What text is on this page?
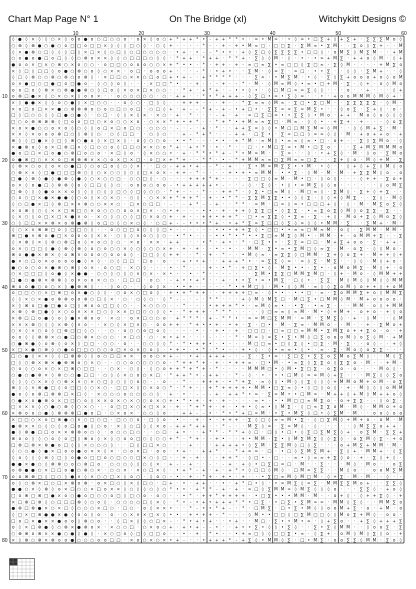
Chart Map Page N° 1	On The Bridge (xl)	Witchykitt Designs ©
10	20	30	40	50	60
10
20
30
40
50
60
70
80
◊ ● ◊ × ◊ ◊ ○ × ◊ o o ● o ○ □ ○ ○ o · o × ◊ o ○ + * + + * • - + + * * • · ≈ • M ≈ · • ◊ ≈ • □ ∑ + ◊ + ∑ + · ∑ ∑ ∑ M o ◊
○ ⊗ ◊ ⊗ ● ○ ● ○ o □ □ o □ □ × ◊ ◊ ◊ □ ○ ◊ · ○ ◊ + · · · · * - · + - + • M ≈ □ · □ □ ∑ · ∑ M ≈ • ∑ M · · ∑ o ◊ ∑ + · · M
◊ × ● ⊗ ○ □ ◊ ◊ ◊ □ ◊ × □ × ◊ ○ □ ◊ ○ □ ○ ○ ○ ○ · • + · • - - * • • · + ◊ ∑ □ ◊ ∑ ∑ ∑ ∑ • □ □ ◊ · o M ∑ ◊ M ∑ M · · + M
○ o ● o ● □ o □ ◊ ◊ ○ ⊗ o × × ◊ ◊ ○ □ □ □ ○ ◊ ◊ · * + + · * + + · * * + · ∑ ◊ ◊ M · ◊ · • · • ≈ + M ∑ · + + o ◊ M · ◊ +
● o o × □ × ○ ⊗ ○ × o ○ ○ · o □ □ ○ o o o ○ ○ × + * • • · * · + + · + - ≈ □ ≈ ∑ • ≈ □ □ ◊ ∑ □ ≈ · ∑ ◊ M · · · · + M ∑ o
× ◊ □ ◊ □ □ ◊ o ● ○ ⊗ ○ o ◊ ○ × × · o □ · o o o + · · · - * · • + • · · ∑ M · ◊ ≈ ∑ · ≈ □ · • • ∑ · · ◊ ◊ · ∑ M + · · ◊
◊ □ ◊ ⊗ ○ ○ ⊗ ○ ⊗ ○ o ⊗ ◊ · × □ □ ○ × × ○ □ o □ + • + - · + * * * * · · · ∑ ≈ · • M ∑ M · • ◊ · ∑ ◊ ∑ + o o o + o ◊ o M
o × ● □ ○ □ ● □ o □ ● o · ◊ ○ ◊ o ◊ · · · × □ □ * • · - + · · - + · - * · M · ◊ M ≈ M ◊ • ≈ • □ + M · ∑ · ◊ + · o ◊ M o
o o □ o ◊ ⊗ × ○ ⊗ ● ● ⊗ ○ ◊ □ o ◊ × o × □ × ○ ○ · · * + · + * + · - • • ◊ • · ◊ □ M □ ≈ ≈ ∑ ◊ ◊ · · · o · · + · · · ◊ +
o ⊗ □ ● × ◊ ○ × ○ × ◊ o o × · · o ○ ○ ○ ○ ○ · ○ · + + · · * • * + + + - ◊ ∑ □ • ≈ • ∑ ◊ ≈ · · • · + o o M M M ◊ M ◊ + ·
× ◊ ● ● × ◊ ◊ o ○ ● ◊ × □ ○ ○ · · o ◊ ○ · □ ◊ ◊ · · + + + - - · + · · * ∑ ≈ ≈ ◊ M ≈ · ∑ □ • ∑ □ M · · ∑ ∑ ∑ ∑ ∑ · ◊ M ·
× o □ o □ × × ● ○ ⊗ ⊗ ⊗ o ○ o ○ □ ○ o □ · ○ □ ◊ + · + - - * + - + - • + □ • · ∑ ∑ ≈ ≈ ∑ ≈ M ∑ • · · ◊ o ∑ · ∑ + ◊ · o ·
□ ◊ □ ○ ○ ◊ ◊ □ ● ○ ● ◊ · ○ □ · ◊ ◊ × ◊ × · × ○ · + · * · · · - + · + · ≈ □ ∑ □ ≈ • • ∑ ∑ ◊ • M o · + + · M o ◊ o ◊ ◊ ◊
□ ○ o ⊗ ⊗ ⊗ ⊗ ◊ □ o o □ □ ○ × o ○ ○ × o · ○ × × * + • + * · - * + * • + M ≈ ≈ ∑ □ · M ≈ · ◊ ◊ • · + ∑ + · + · · · ◊ o ∑
× o × ● ○ ○ o × o ◊ ○ ◊ ◊ o □ × □ o □ ○ · ○ ○ ○ · - · - · + · * · · + + ∑ ≈ ◊ ◊ • M □ □ M ∑ M ≈ ◊ M · · ◊ ◊ M + ∑ · M ·
× × ◊ × o o o ⊗ □ ○ ◊ ⊗ ◊ ○ · ○ ◊ □ □ · · ○ ◊ ○ · · + - * + * · · - + + · □ ∑ • · ∑ ≈ □ □ ◊ ≈ ≈ ◊ ◊ · M · + o + + o · +
⊗ ◊ ◊ □ ● × ◊ □ ◊ ⊗ ○ ● o ◊ × □ × ◊ · o ◊ ○ ○ o · • • * · - · • • · + * M · ≈ M ◊ • ≈ ≈ ◊ ≈ • □ · o + · · ∑ ◊ ∑ M o · ◊
× ● ⊗ o ◊ o × □ ⊗ □ × ◊ □ ○ ○ o ◊ □ □ ○ × × ○ o * + · + • * · • · * · · □ · • M □ ∑ ≈ • M • □ ∑ o · · · ∑ + M ∑ M M M o
● o □ □ × □ o ● ○ ⊗ □ o ○ o · × □ ◊ o · ◊ × ○ ○ • · + · * * • * + - * • M ≈ M · · ∑ ≈ · · ◊ · • + ∑ ◊ · M · ◊ o · ∑ M o
o ● ⊗ □ ○ × × o □ ⊗ ⊗ ⊗ × × ○ o × □ × □ · o □ × + * + · - * * · • · * + M M ≈ ≈ □ ∑ M ≈ ≈ □ ∑ · · ∑ + ◊ o · M ◊ + M · ∑
◊ ⊗ × ○ o ◊ o × ○ ● □ ◊ ○ o □ o ◊ ○ ◊ × · · □ ○ - + + • + - - * - + · · ∑ • M ≈ M ∑ ∑ • • M · • ◊ · · ◊ + ◊ + ∑ ◊ M ◊ o
○ ⊗ × × ◊ □ ● □ □ □ ⊗ ○ ◊ ○ × ○ ○ ◊ ○ ◊ □ × o × - + + - * - · · - + • + • ≈ M M · • • ∑ · ◊ M · M · M · + ∑ ∑ M ◊ o · o
□ ● ◊ ⊗ ◊ ● ◊ ● ⊗ ◊ ● ◊ ○ × ○ ○ □ · ○ ○ □ ◊ · ○ · - · + + + * + - · - · ∑ □ □ ◊ ≈ M · M • □ · ◊ o ◊ · · · ◊ + + · ∑ o +
o × ◊ o ● □ ◊ ⊗ ⊗ ◊ o ◊ □ □ ◊ ◊ ○ · o o o ○ o o - • + + + + + • - · · - ◊ · ∑ ◊ · • ◊ • ≈ M ∑ ◊ ◊ o · · · · · · ◊ o M ∑
□ ⊗ ◊ ◊ ◊ ● o × × o ◊ ◊ ◊ ○ ◊ ◊ □ ○ ◊ □ ◊ ○ ○ · * + - - · * · · + + * · ◊ ∑ • □ ≈ M ◊ · M □ ≈ ◊ · ∑ M ◊ · ∑ + ◊ + ∑ · ·
○ o ○ □ × ● × ● ● ◊ ○ o ◊ × ○ × ○ · ○ ◊ · ○ × × + * + + * - + - • * * - ∑ ∑ M ∑ ∑ • • ◊ ◊ ∑ · ◊ ◊ + ◊ M ∑ · · ∑ ◊ · M ◊
◊ ○ □ ● × □ ◊ ⊗ □ × × ⊗ ○ ○ × × ○ · □ × ○ □ □ · - · - + * - - + · · * * · ≈ M · □ ≈ ◊ ≈ • □ □ □ + ◊ · ◊ · M · M ∑ o ∑ ◊
× o ⊗ ◊ ○ ◊ × × □ ⊗ □ ○ × o ○ ○ ○ o o × □ × · ○ • + - · - • • - + · + + ◊ ∑ ∑ □ • ◊ ∑ ∑ · • ≈ ∑ o ∑ ◊ M ◊ o ∑ ∑ · ∑ · ·
◊ × ○ ◊ o □ × □ × ● × o · × ○ ◊ ○ ○ ◊ □ ○ × o ○ + · + - · + + • + + * · □ • ≈ ∑ ∑ ◊ • ∑ ≈ · ∑ · + ◊ · M o + ∑ ◊ M o ∑ ◊
○ ◊ □ □ × × ⊗ × o ⊗ ● ⊗ ◊ o □ ○ ◊ ○ × ○ ◊ · ○ □ + - - • • • * + · • + * ∑ ≈ ∑ □ □ ◊ ∑ ◊ ≈ ◊ ◊ • M M · ∑ · · ∑ M + · M ·
◊ ○ × × ⊗ ⊗ □ o ◊ □ □ ○ ◊ · · o ○ □ □ o ○ ◊ ◊ □ • - - · · - - • • • + + ∑ ◊ • □ □ • • ≈ ≈ □ M ≈ M · o ◊ · ∑ M M · M M ·
⊗ □ ● × ⊗ o ● □ × o o o ◊ × × · ○ ◊ ◊ × o ○ ◊ ○ · • * • · · - • • * • * • • ∑ □ ≈ M ∑ ◊ M • · M M · + · o M M + ∑ · · ∑
◊ × ⊗ ◊ × ◊ ⊗ ○ ⊗ □ o ◊ × o ○ ◊ ○ · × o · × × · + + · · · • * · + • · * · □ ∑ • • · ∑ ∑ ≈ □ □ · M + ∑ + o o · ∑ · + + ·
o × ○ □ □ ◊ ● ◊ ⊗ ◊ ⊗ ◊ o ○ o ○ ○ × ◊ ○ ◊ ○ ○ × + · + · + · · • - • · · M M · ∑ • ≈ • ∑ M □ ◊ ≈ ∑ · M · o ∑ · ◊ ◊ M o ·
⊗ o ● ● × ⊗ × ◊ o ⊗ × o o o ○ o o o ◊ · □ □ ◊ ◊ + + · · * - + · * - · • M ◊ ≈ · ≈ ∑ ∑ ◊ □ M M · ∑ + ◊ o ∑ + · M + + ◊ +
● × ○ □ o × o o o o ● ◊ × ◊ · ○ ◊ □ □ · □ o · o · · + • • + · · + + + * • · ≈ ∑ ∑ ◊ ≈ · ≈ ◊ ∑ · M ∑ · · ◊ ◊ · M ◊ + o ·
● ○ o ○ o × ● ⊗ ○ ⊗ ◊ o × · o ○ □ · × ○ ◊ · · · • · * · · · + - • * · + □ ∑ • ◊ · M ∑ • • · ∑ • · o M o M ∑ · M ◊ + · o
○ × □ □ □ ◊ o ● ◊ × ● ● · ○ ○ ◊ ○ ◊ ○ × ○ × · × • - · • · * - - - - - · · ∑ M • ∑ ∑ □ M M ∑ M □ · ◊ + · M o · ◊ M M + +
□ ● ○ ● ⊗ × ⊗ ⊗ ◊ o × o o × ○ ○ · □ □ □ · o ○ · - + • • + * · · + · • • ∑ • ≈ • M ∑ · □ ◊ • · ∑ ∑ · M ◊ M ◊ ◊ M ◊ ◊ M M
⊗ o o ● ○ o ○ × ◊ ● ⊗ ⊗ ◊ · · ◊ o ○ · · ◊ o ◊ × · • • + - - · - - * • + M □ ◊ · M • ◊ ◊ M · ≈ ◊ ◊ ∑ o M ◊ o + + ◊ + o M
o □ □ ○ ○ × □ ⊗ □ o × ● ○ ◊ ◊ · ○ o × ○ □ o ◊ · + • + * + + · · + + + + □ ≈ · ◊ • • · • • □ · ≈ · ∑ o M M ∑ + o ◊ M M ∑
◊ ◊ × ○ × ● o ⊗ ⊗ o o ⊗ ○ □ ◊ × · ○ · ○ ◊ ○ · ◊ * - - · - · * * · · · + ◊ M ◊ M ∑ □ · M □ ∑ • □ M M ◊ M · M + o o o o ·
× ◊ ⊗ o □ ● □ ● o □ ◊ ⊗ o o □ □ ◊ ○ · · × ○ ○ ○ · · * · - · • + + + * • · ≈ M ◊ ≈ • · • ∑ · • ≈ ∑ · · · M M · o ◊ + M M
× ⊗ ◊ ⊗ □ ● ◊ × ○ o × × × □ ○ ◊ × × □ □ ○ ○ ◊ ◊ • · * + + + · * * * · · · · ◊ □ ≈ ≈ ◊ ≈ M · M • ◊ + M + · o + o · + ◊ o
× ⊗ □ □ o ● ◊ o ◊ ● × ⊗ o o · × ○ · o × □ ○ ○ o · + * * * · + - * * • · ≈ ≈ M □ ∑ M M · ≈ M · ∑ M ∑ ◊ · + · ◊ M · · ◊ M
× × × ⊗ ○ ◊ ◊ × ⊗ ◊ × o · · × ○ ◊ × □ × ○ · o o + + · * + • • + · • + · ∑ · □ • · M · ∑ ≈ · M M o · · M · · + · ∑ M o +
○ × ◊ × ○ o ◊ □ ⊗ □ □ ◊ ○ · · ○ · o ○ ○ o □ o ◊ · · - · • · · + • · + · □ □ □ · □ ≈ □ □ ≈ M M • ∑ M ∑ o + + ∑ o · o · +
o o ◊ ◊ ⊗ ⊗ × ○ ● □ ○ ⊗ × ○ ○ ○ · × □ ○ · ○ · × • + • · · · - · · · * · M ≈ ◊ ≈ ∑ • ∑ • M ◊ □ ∑ o o o M ◊ o ∑ ◊ M · + M
○ ● ⊗ ● ◊ o ⊗ ◊ o × ◊ □ □ · ○ ○ · o · · ○ ○ ◊ ◊ * - * • + + • · • - · · M □ □ ≈ • □ ◊ ∑ ◊ • □ ∑ · M · ∑ · · o ◊ · · + ◊
× □ × ● ○ ⊗ ◊ ○ ● o □ □ ○ ○ ○ o □ × o × ○ o ◊ · • + • · • * · * • - · + • ◊ · ◊ • ≈ ≈ • ◊ • · ≈ · ∑ · M o ◊ o ∑ ∑ · · ·
□ ○ ● ◊ × × ◊ ◊ □ ⊗ ⊗ ◊ ◊ o ○ □ □ × × · o o ○ × + - · • + - + + + - · - ∑ · ∑ • ≈ · ∑ □ ∑ • ∑ ∑ o ∑ M o ∑ M ◊ · · M ◊ ∑
□ ◊ ○ ⊗ × ⊗ × ● ⊗ ⊗ o ○ × ○ · · ○ ○ o ○ ○ ○ ○ o - * + + * + · + · • + + ≈ · □ • M · • ≈ ∑ ◊ ∑ ∑ o ◊ ∑ ∑ o · M · · + M ·
○ o ◊ ○ o × ○ × □ ⊗ ○ □ □ · · ○ × · ○ ◊ · ◊ ○ o + + * + * + - * · · · - M M M □ • ◊ M • ∑ □ ∑ · o ∑ o · o · · · M o ◊ ·
○ ● ○ ● ⊗ × ◊ ⊗ ○ ○ ● □ □ · ○ ◊ ◊ × ○ o ○ × □ · * + + * • - + + · · * - ◊ · • · • • □ M ◊ ≈ ≈ M ◊ + ∑ · · · M ∑ ◊ ◊ ∑ o
◊ ◊ ◊ ○ × × ◊ ○ ⊗ × × ○ × ○ □ ◊ ○ ◊ ○ o ○ · · o · · * · · + + + - • * + ∑ · ≈ ◊ ◊ • M ◊ ◊ ∑ ◊ ◊ ◊ + M M o M + o M · o ∑
⊗ ◊ ◊ × ⊗ ● □ ◊ o □ □ ◊ ○ × ○ · □ □ × ◊ ○ × o ○ * - * + - · + * + + + + • M M • □ ∑ ≈ ◊ • ◊ □ ◊ o ◊ · + · M ◊ ◊ ◊ o M M
● o ◊ o ⊗ □ ⊗ ⊗ □ × □ ◊ · × ○ ○ ○ o ○ ○ ○ ○ ◊ · + · • · - - - + · + + * • ≈ · ∑ ≈ M • • □ M ≈ · M + + ◊ + M ◊ M + + o ◊
○ ● × o ● ⊗ o × □ □ ○ o ◊ × × o × ○ × ○ ○ o × ○ + • * • + · + · + - - · · ≈ • · • • M □ □ ≈ M ∑ o · o + ∑ ∑ · · ◊ o ∑ ·
□ × × × ◊ ○ ● ○ ⊗ ◊ ○ × ○ · · o □ □ × ○ × □ × × · + · * + * + · + · • + • ◊ ≈ • ◊ M ∑ · ◊ □ ≈ ∑ ∑ o M · M ◊ · M M o + o
× ⊗ o o ○ ● ◊ ⊗ ⊗ ⊗ □ ● o □ · ○ × o × · ○ ○ ◊ o · · + + - - • · * • * + □ ≈ M · • ∑ • M ∑ ◊ □ • ◊ ∑ M · M · · o o ◊ o o
× □ □ ○ × o □ ⊗ ● ○ × ○ □ ○ □ · □ ○ ○ o · □ ◊ o · • - · + · • - + + + · ∑ ◊ □ ◊ ≈ ≈ M • ∑ · ◊ □ ∑ M ◊ + M + o · o M · M
● ⊗ × × ○ ◊ ○ ◊ o □ o ● ◊ ○ o · × ◊ ○ □ ◊ ◊ × o - + + * + + · · * - · · M ∑ ◊ ≈ · ∑ ≈ M ◊ · ◊ · · · · · ◊ M ∑ ∑ o + + ·
● ◊ ⊗ ● □ □ o × × ⊗ ⊗ o ○ ◊ · o ○ ○ □ ○ · · ○ □ · + • · · + * * - * * + ◊ □ · □ ◊ • □ • ◊ ∑ □ ∑ M ∑ ◊ + · o ∑ M · ∑ ∑ +
⊗ o o ◊ ◊ ○ o ◊ o □ ◊ ⊗ o ◊ × ◊ ○ o o □ ○ ◊ ○ ○ + * · * + - · + • · · + • M M · ∑ • ◊ M ∑ M ∑ ◊ ◊ ∑ ◊ · o ∑ M ◊ ∑ · + o
□ ⊗ □ ⊗ × ⊗ ● o □ ◊ ◊ × ○ ○ ○ ◊ · · □ ◊ □ □ × ○ · · · + · · · + + + + • ◊ ∑ M · ∑ ∑ M ◊ □ ◊ ∑ · · · o + M ∑ + M M · M ·
◊ ○ ○ ● ◊ ● × □ o o ● o × × ◊ × · ○ o × □ · o o · • + · · + + * · - * + ≈ ≈ · □ · • □ ◊ ∑ M ∑ M + · ∑ ◊ + · M M + · ◊ ∑
◊ o ◊ ◊ ◊ ⊗ ◊ □ ◊ o ● o □ □ o ○ □ ○ ○ □ × ○ ◊ □ - · + - + · · · + + * · ◊ □ • · □ · · ≈ • ◊ ≈ ≈ + ∑ ◊ o · + · ∑ ◊ + ◊ ·
● ● × ● ○ ◊ ⊗ ⊗ ○ o ○ ⊗ □ o · ○ ○ ○ ◊ ◊ ○ ◊ × · + - - + · · - · - + · + ◊ • □ ∑ □ ≈ □ · M · · ∑ · · · M ◊ · M o · · o ∑
o ⊗ ● ● ○ × □ □ o ● ○ ⊗ ○ × · ○ ○ × · × ○ □ × ◊ · • + * - + · + · + * • ◊ □ □ ◊ M ◊ · □ M ≈ ∑ ∑ · · M ◊ o · · o o M ∑ M
o o ⊗ ⊗ □ ◊ □ ○ ◊ ● × ◊ × ○ ○ □ × ◊ o ○ · ◊ o ○ - • - + · * + · + • · + · · • ∑ □ ≈ M ◊ M □ M · ◊ + ∑ · M · M · · ◊ · ·
o ◊ ○ ⊗ × □ ○ □ × ⊗ o ⊗ · o × □ ○ ◊ × ◊ □ ○ · □ + · • · + + · · • · + * □ • ◊ · • ≈ M ∑ ◊ ≈ ∑ · M M ∑ ∑ M o + · · ∑ ∑ ◊
● ● ○ × ◊ ⊗ ◊ o × □ ○ ○ × □ o × × ◊ ○ ◊ ◊ ○ ◊ ○ * • • · + * * - + · + · ≈ □ ◊ ∑ M M ≈ ◊ M ∑ ◊ ◊ ◊ o · · · ∑ ∑ ◊ · + o ◊
□ o ⊗ □ ⊗ □ ● × o ○ ● o □ ○ ○ o □ ◊ □ ○ o · o ○ · · • * · + + * + + + + · • □ ∑ • • • M M · M · · o + ◊ · ◊ + + ∑ ◊ · +
× □ ⊗ □ ⊗ ◊ ○ □ □ □ ⊗ ◊ ○ o ◊ · ○ ○ ○ ○ □ ◊ × ◊ · * • - • + • + + + * * • □ ∑ · • □ ∑ • ∑ M ≈ ≈ · M M ◊ ∑ ◊ · · M M ∑ o
● ⊗ □ ⊗ ● × ○ × □ ◊ ○ ○ ○ × □ ○ · □ ○ · o ◊ × × • · · * - • • * + - · * · □ M ∑ · □ • ∑ • M ◊ ◊ o o M + ∑ · o · + M · o
◊ □ × □ ⊗ ● ● × ● ◊ o o ◊ o · o · ○ × × × □ × ◊ • • · + • + + - * - · · ◊ M • • □ □ ◊ □ ∑ M □ □ ◊ ◊ M o ∑ + M ◊ · o o ·
□ o □ × ● × × ● o o ◊ ⊗ ○ o · · ◊ □ × ◊ ◊ ○ □ × - · * • + • + · · • + · · M □ · ∑ • • M • ≈ · ◊ + ∑ o · · + ∑ ◊ + + + ∑
o ◊ × □ ⊗ ● ◊ ○ ⊗ × ● ⊗ o × · × ○ ○ □ · ○ × o ○ + · + • + - - • · · + • • ∑ • ◊ ◊ • ∑ ◊ · · ∑ • ∑ ◊ M M · · ◊ o o ∑ · ∑
○ ⊗ ⊗ o ⊗ × × ● ○ ● ◊ ● ◊ · × ○ □ o ◊ □ ◊ □ □ o · - • · + - * • - · • + ≈ □ ◊ ◊ □ □ ∑ • ≈ · ◊ ∑ + · o M ◊ M ◊ ∑ ◊ o · +
× ◊ ⊗ ○ ⊗ × ⊗ o o ● ○ ○ ○ o o □ □ · × o ○ × ○ × • + - · · • + + + * - + ∑ ◊ • M M ◊ ∑ · □ • M ∑ · o o ∑ ∑ ◊ M M · ∑ o ◊
